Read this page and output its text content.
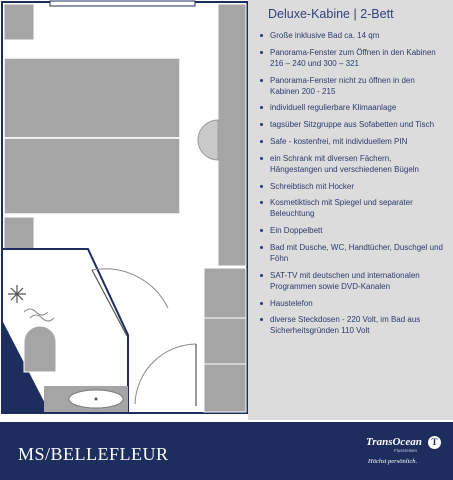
Deluxe-Kabine | 2-Bett
Große inklusive Bad ca. 14 qm
Panorama-Fenster zum Öffnen in den Kabinen 216 – 240 und 300 – 321
Panorama-Fenster nicht zu öffnen in den Kabinen 200 - 215
individuell regulierbare Klimaanlage
tagsüber Sitzgruppe aus Sofabetten und Tisch
Safe - kostenfrei, mit individuellem PIN
ein Schrank mit diversen Fächern, Hängestangen und verschiedenen Bügeln
Schreibtisch mit Hocker
Kosmetiktisch mit Spiegel und separater Beleuchtung
Ein Doppelbett
Bad mit Dusche, WC, Handtücher, Duschgel und Föhn
SAT-TV mit deutschen und internationalen Programmen sowie DVD-Kanalen
Haustelefon
diverse Steckdosen - 220 Volt, im Bad aus Sicherheitsgründen 110 Volt

MS/BELLEFLEUR

TransOcean	T
Flussreisen
Höchst persönlich.
